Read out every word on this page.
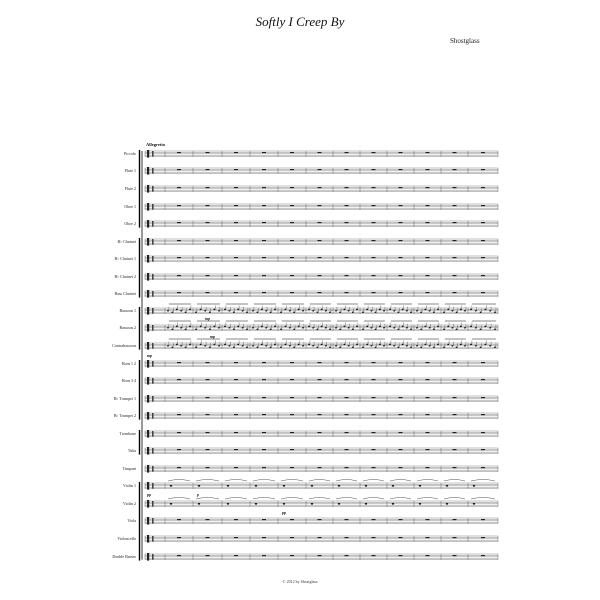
Softly I Creep By
Shostglass
Allegretto
Piccolo
Flute 1
Flute 2
Oboe 1
Oboe 2
B♭ Clarinet
B♭ Clarinet 1
B♭ Clarinet 2
Bass Clarinet
Bassoon 1
Bassoon 2
Contrabassoon
Horn 1 2
Horn 3 4
B♭ Trumpet 1
B♭ Trumpet 2
Trombone
Tuba
Timpani
Violin 1
Violin 2
Viola
Violoncello
Double Basses
mp
mp
mp
pp	p
pp
© 2012 by Shostglass
